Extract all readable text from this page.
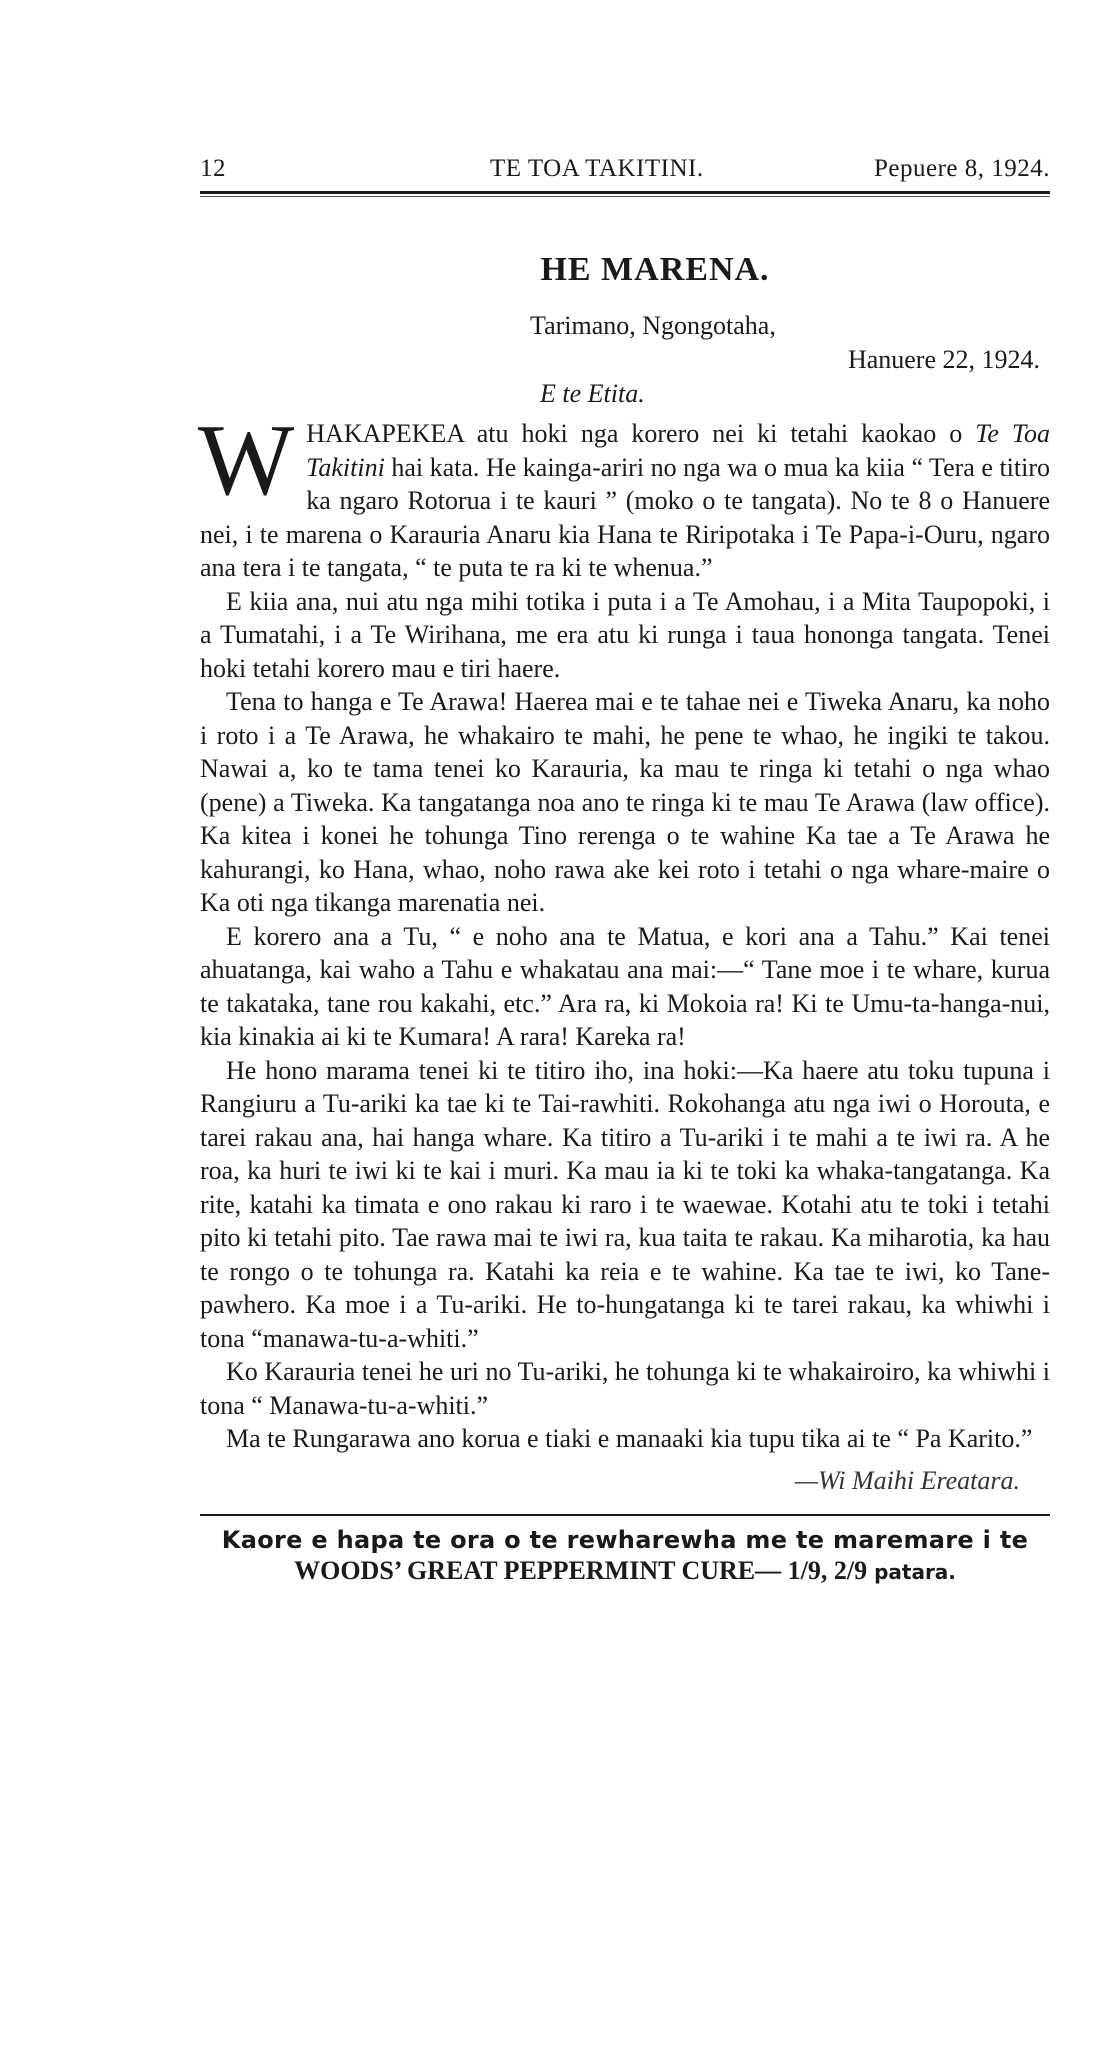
12	TE TOA TAKITINI.	Pepuere 8, 1924.
HE MARENA.
Tarimano, Ngongotaha,
Hanuere 22, 1924.
E te Etita.

WHAKAPEKEA atu hoki nga korero nei ki tetahi kaokao o Te Toa Takitini hai kata. He kainga-ariri no nga wa o mua ka kiia “ Tera e titiro ka ngaro Rotorua i te kauri ” (moko o te tangata). No te 8 o Hanuere nei, i te marena o Karauria Anaru kia Hana te Riripotaka i Te Papa-i-Ouru, ngaro ana tera i te tangata, “ te puta te ra ki te whenua.”

E kiia ana, nui atu nga mihi totika i puta i a Te Amohau, i a Mita Taupopoki, i a Tumatahi, i a Te Wirihana, me era atu ki runga i taua hononga tangata. Tenei hoki tetahi korero mau e tiri haere.

Tena to hanga e Te Arawa! Haerea mai e te tahae nei e Tiweka Anaru, ka noho i roto i a Te Arawa, he whakairo te mahi, he pene te whao, he ingiki te takou. Nawai a, ko te tama tenei ko Karauria, ka mau te ringa ki tetahi o nga whao (pene) a Tiweka. Ka tangatanga noa ano te ringa ki te mau Te Arawa (law office). Ka kitea i konei he tohunga Tino rerenga o te wahine Ka tae a Te Arawa he kahurangi, ko Hana, whao, noho rawa ake kei roto i tetahi o nga whare-maire o Ka oti nga tikanga marenatia nei.

E korero ana a Tu, “ e noho ana te Matua, e kori ana a Tahu.” Kai tenei ahuatanga, kai waho a Tahu e whakatau ana mai:—“ Tane moe i te whare, kurua te takataka, tane rou kakahi, etc.” Ara ra, ki Mokoia ra! Ki te Umu-ta-hanga-nui, kia kinakia ai ki te Kumara! A rara! Kareka ra!

He hono marama tenei ki te titiro iho, ina hoki:—Ka haere atu toku tupuna i Rangiuru a Tu-ariki ka tae ki te Tai-rawhiti. Rokohanga atu nga iwi o Horouta, e tarei rakau ana, hai hanga whare. Ka titiro a Tu-ariki i te mahi a te iwi ra. A he roa, ka huri te iwi ki te kai i muri. Ka mau ia ki te toki ka whaka-tangatanga. Ka rite, katahi ka timata e ono rakau ki raro i te waewae. Kotahi atu te toki i tetahi pito ki tetahi pito. Tae rawa mai te iwi ra, kua taita te rakau. Ka miharotia, ka hau te rongo o te tohunga ra. Katahi ka reia e te wahine. Ka tae te iwi, ko Tane-pawhero. Ka moe i a Tu-ariki. He to-hungatanga ki te tarei rakau, ka whiwhi i tona “manawa-tu-a-whiti.”

Ko Karauria tenei he uri no Tu-ariki, he tohunga ki te whakairoiro, ka whiwhi i tona “ Manawa-tu-a-whiti.”

Ma te Rungarawa ano korua e tiaki e manaaki kia tupu tika ai te “ Pa Karito.”

—Wi Maihi Ereatara.
Kaore e hapa te ora o te rewharewha me te maremare i te
WOODS’ GREAT PEPPERMINT CURE— 1/9, 2/9 patara.
